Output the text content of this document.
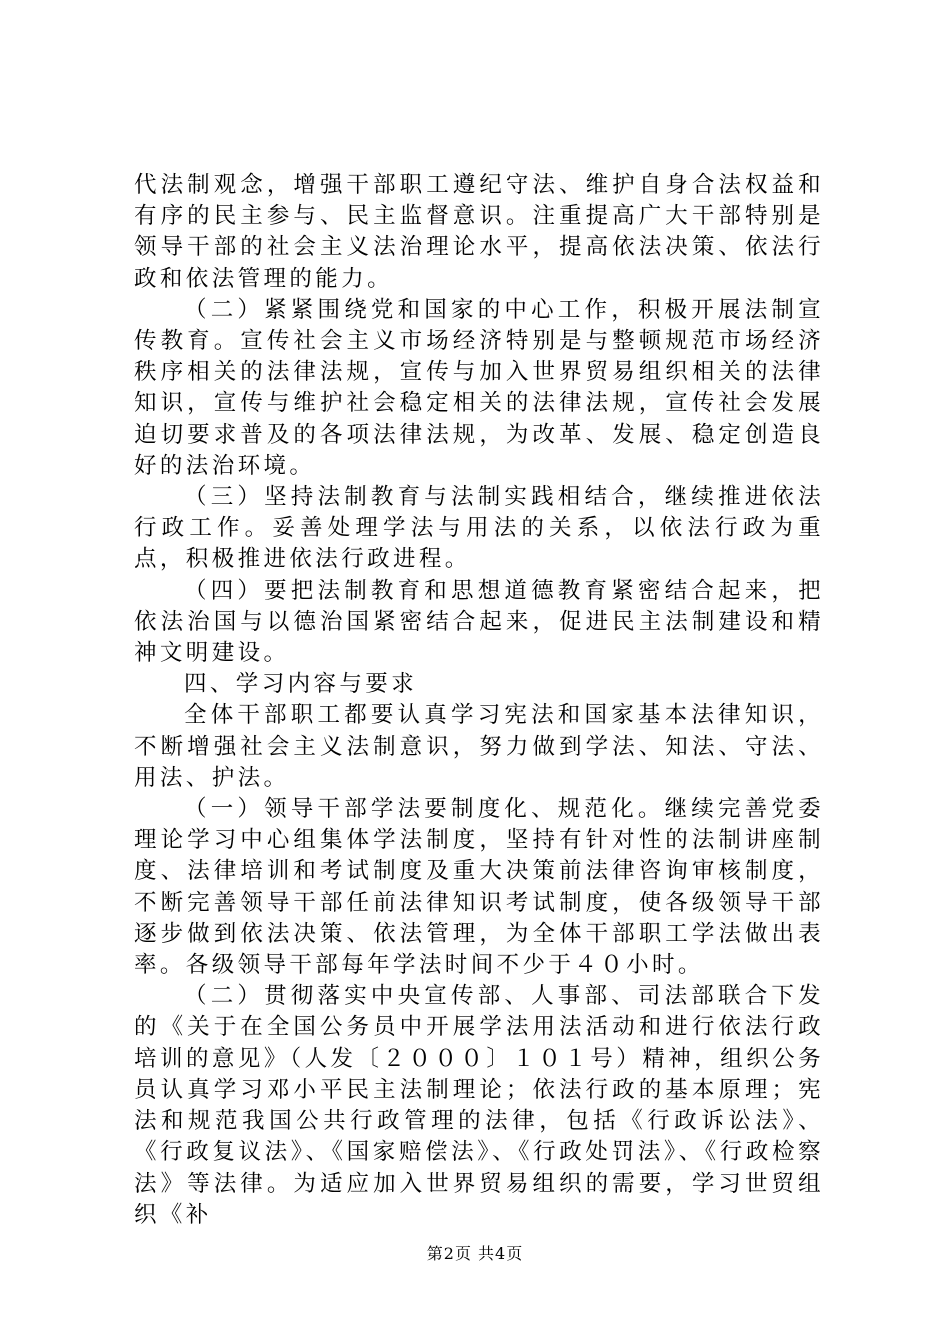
代法制观念，增强干部职工遵纪守法、维护自身合法权益和有序的民主参与、民主监督意识。注重提高广大干部特别是领导干部的社会主义法治理论水平，提高依法决策、依法行政和依法管理的能力。

（二）紧紧围绕党和国家的中心工作，积极开展法制宣传教育。宣传社会主义市场经济特别是与整顿规范市场经济秩序相关的法律法规，宣传与加入世界贸易组织相关的法律知识，宣传与维护社会稳定相关的法律法规，宣传社会发展迫切要求普及的各项法律法规，为改革、发展、稳定创造良好的法治环境。

（三）坚持法制教育与法制实践相结合，继续推进依法行政工作。妥善处理学法与用法的关系，以依法行政为重点，积极推进依法行政进程。

（四）要把法制教育和思想道德教育紧密结合起来，把依法治国与以德治国紧密结合起来，促进民主法制建设和精神文明建设。

四、学习内容与要求

全体干部职工都要认真学习宪法和国家基本法律知识，不断增强社会主义法制意识，努力做到学法、知法、守法、用法、护法。

（一）领导干部学法要制度化、规范化。继续完善党委理论学习中心组集体学法制度，坚持有针对性的法制讲座制度、法律培训和考试制度及重大决策前法律咨询审核制度，不断完善领导干部任前法律知识考试制度，使各级领导干部逐步做到依法决策、依法管理，为全体干部职工学法做出表率。各级领导干部每年学法时间不少于４０小时。

（二）贯彻落实中央宣传部、人事部、司法部联合下发的《关于在全国公务员中开展学法用法活动和进行依法行政培训的意见》（人发〔２０００〕１０１号）精神，组织公务员认真学习邓小平民主法制理论；依法行政的基本原理；宪法和规范我国公共行政管理的法律，包括《行政诉讼法》、《行政复议法》、《国家赔偿法》、《行政处罚法》、《行政检察法》等法律。为适应加入世界贸易组织的需要，学习世贸组织《补

第2页 共4页
